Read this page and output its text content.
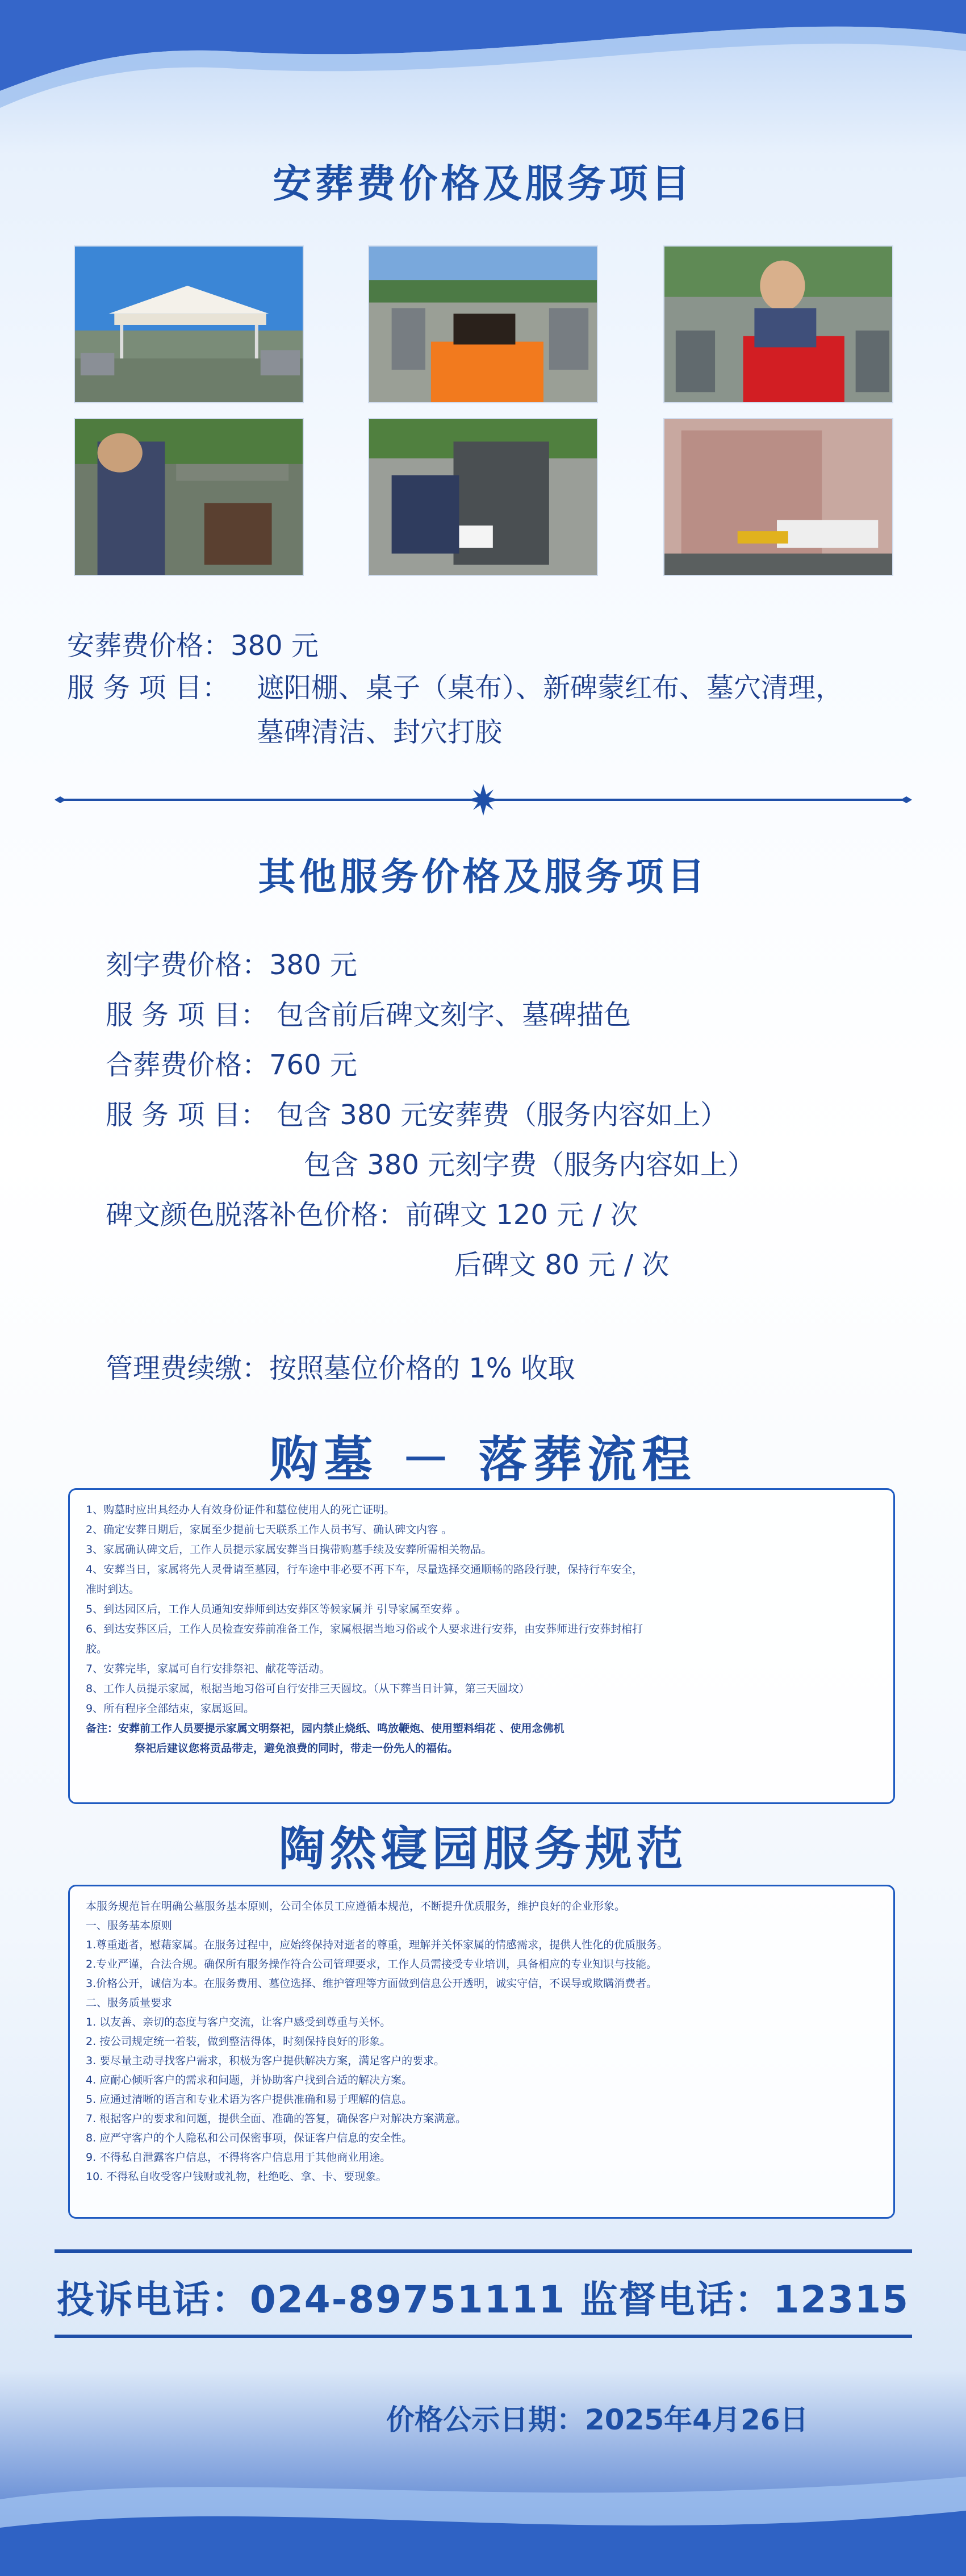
安葬费价格及服务项目
安葬费价格：380 元
服 务 项 目： 遮阳棚、桌子（桌布）、新碑蒙红布、墓穴清理，
墓碑清洁、封穴打胶
其他服务价格及服务项目
刻字费价格：380 元
服 务 项 目： 包含前后碑文刻字、墓碑描色
合葬费价格：760 元
服 务 项 目： 包含 380 元安葬费（服务内容如上）
包含 380 元刻字费（服务内容如上）
碑文颜色脱落补色价格：前碑文 120 元 / 次
后碑文 80 元 / 次
管理费续缴：按照墓位价格的 1% 收取
购墓 － 落葬流程

1、购墓时应出具经办人有效身份证件和墓位使用人的死亡证明。

2、确定安葬日期后，家属至少提前七天联系工作人员书写、确认碑文内容 。

3、家属确认碑文后，工作人员提示家属安葬当日携带购墓手续及安葬所需相关物品。

4、安葬当日，家属将先人灵骨请至墓园，行车途中非必要不再下车，尽量选择交通顺畅的路段行驶，保持行车安全，

准时到达。

5、到达园区后，工作人员通知安葬师到达安葬区等候家属并 引导家属至安葬 。

6、到达安葬区后，工作人员检查安葬前准备工作，家属根据当地习俗或个人要求进行安葬，由安葬师进行安葬封棺打

胶。

7、安葬完毕，家属可自行安排祭祀、献花等活动。

8、工作人员提示家属，根据当地习俗可自行安排三天圆坟。（从下葬当日计算，第三天圆坟）

9、所有程序全部结束，家属返回。

备注：安葬前工作人员要提示家属文明祭祀，园内禁止烧纸、鸣放鞭炮、使用塑料绢花 、使用念佛机

祭祀后建议您将贡品带走，避免浪费的同时，带走一份先人的福佑。

陶然寝园服务规范

本服务规范旨在明确公墓服务基本原则，公司全体员工应遵循本规范，不断提升优质服务，维护良好的企业形象。

一、服务基本原则

1.尊重逝者，慰藉家属。在服务过程中，应始终保持对逝者的尊重，理解并关怀家属的情感需求，提供人性化的优质服务。

2.专业严谨，合法合规。确保所有服务操作符合公司管理要求，工作人员需接受专业培训，具备相应的专业知识与技能。

3.价格公开，诚信为本。在服务费用、墓位选择、维护管理等方面做到信息公开透明，诚实守信，不误导或欺瞒消费者。

二、服务质量要求

1. 以友善、亲切的态度与客户交流，让客户感受到尊重与关怀。

2. 按公司规定统一着装，做到整洁得体，时刻保持良好的形象。

3. 要尽量主动寻找客户需求，积极为客户提供解决方案，满足客户的要求。

4. 应耐心倾听客户的需求和问题，并协助客户找到合适的解决方案。

5. 应通过清晰的语言和专业术语为客户提供准确和易于理解的信息。

7. 根据客户的要求和问题，提供全面、准确的答复，确保客户对解决方案满意。

8. 应严守客户的个人隐私和公司保密事项，保证客户信息的安全性。

9. 不得私自泄露客户信息，不得将客户信息用于其他商业用途。

10. 不得私自收受客户钱财或礼物，杜绝吃、拿、卡、要现象。

投诉电话：024-89751111 监督电话：12315
价格公示日期：2025年4月26日
